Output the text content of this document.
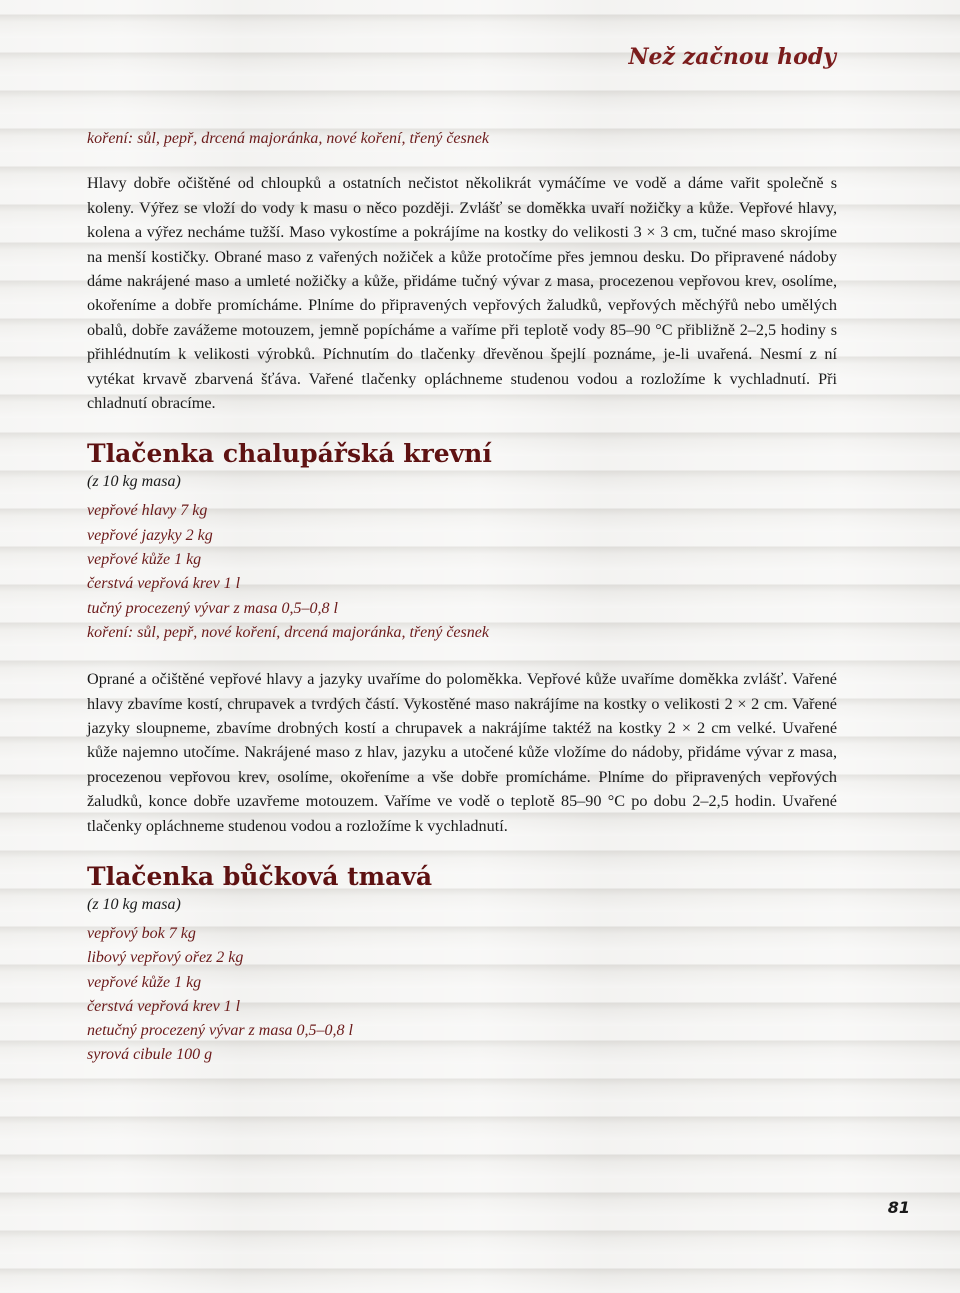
Než začnou hody
koření: sůl, pepř, drcená majoránka, nové koření, třený česnek

Hlavy dobře očištěné od chloupků a ostatních nečistot několikrát vymáčíme ve vodě a dáme vařit společně s koleny. Výřez se vloží do vody k masu o něco později. Zvlášť se doměkka uvaří nožičky a kůže. Vepřové hlavy, kolena a výřez necháme tužší. Maso vykostíme a pokrájíme na kostky do velikosti 3 × 3 cm, tučné maso skrojíme na menší kostičky. Obrané maso z vařených nožiček a kůže protočíme přes jemnou desku. Do připravené nádoby dáme nakrájené maso a umleté nožičky a kůže, přidáme tučný vývar z masa, procezenou vepřovou krev, osolíme, okořeníme a dobře promícháme. Plníme do připravených vepřových žaludků, vepřových měchýřů nebo umělých obalů, dobře zavážeme motouzem, jemně popícháme a vaříme při teplotě vody 85–90 °C přibližně 2–2,5 hodiny s přihlédnutím k velikosti výrobků. Píchnutím do tlačenky dřevěnou špejlí poznáme, je-li uvařená. Nesmí z ní vytékat krvavě zbarvená šťáva. Vařené tlačenky opláchneme studenou vodou a rozložíme k vychladnutí. Při chladnutí obracíme.

Tlačenka chalupářská krevní
(z 10 kg masa)
vepřové hlavy 7 kg
vepřové jazyky 2 kg
vepřové kůže 1 kg
čerstvá vepřová krev 1 l
tučný procezený vývar z masa 0,5–0,8 l
koření: sůl, pepř, nové koření, drcená majoránka, třený česnek

Oprané a očištěné vepřové hlavy a jazyky uvaříme do poloměkka. Vepřové kůže uvaříme doměkka zvlášť. Vařené hlavy zbavíme kostí, chrupavek a tvrdých částí. Vykostěné maso nakrájíme na kostky o velikosti 2 × 2 cm. Vařené jazyky sloupneme, zbavíme drobných kostí a chrupavek a nakrájíme taktéž na kostky 2 × 2 cm velké. Uvařené kůže najemno utočíme. Nakrájené maso z hlav, jazyku a utočené kůže vložíme do nádoby, přidáme vývar z masa, procezenou vepřovou krev, osolíme, okořeníme a vše dobře promícháme. Plníme do připravených vepřových žaludků, konce dobře uzavřeme motouzem. Vaříme ve vodě o teplotě 85–90 °C po dobu 2–2,5 hodin. Uvařené tlačenky opláchneme studenou vodou a rozložíme k vychladnutí.

Tlačenka bůčková tmavá
(z 10 kg masa)
vepřový bok 7 kg
libový vepřový ořez 2 kg
vepřové kůže 1 kg
čerstvá vepřová krev 1 l
netučný procezený vývar z masa 0,5–0,8 l
syrová cibule 100 g
81
